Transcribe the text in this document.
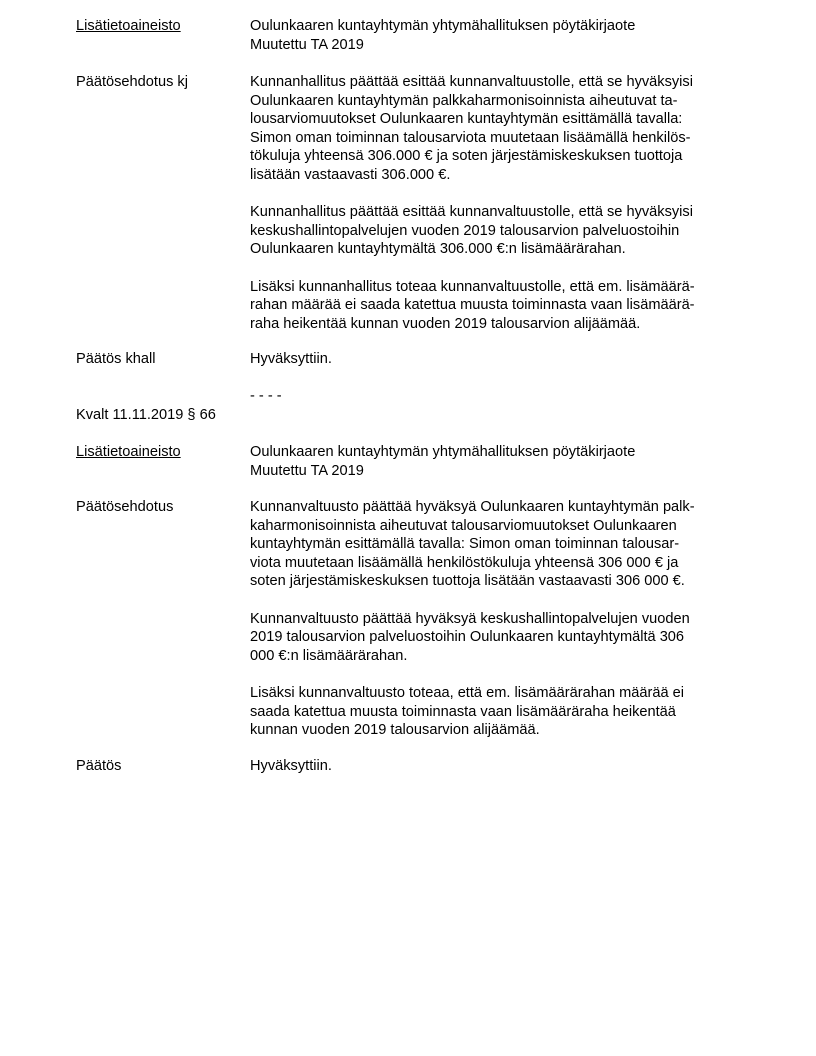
Lisätietoaineisto	Oulunkaaren kuntayhtymän yhtymähallituksen pöytäkirjaote
Muutettu TA 2019
Päätösehdotus kj	Kunnanhallitus päättää esittää kunnanvaltuustolle, että se hyväksyisi
Oulunkaaren kuntayhtymän palkkaharmonisoinnista aiheutuvat ta-
lousarviomuutokset Oulunkaaren kuntayhtymän esittämällä tavalla:
Simon oman toiminnan talousarviota muutetaan lisäämällä henkilös-
tökuluja yhteensä 306.000 € ja soten järjestämiskeskuksen tuottoja
lisätään vastaavasti 306.000 €.
Kunnanhallitus päättää esittää kunnanvaltuustolle, että se hyväksyisi
keskushallintopalvelujen vuoden 2019 talousarvion palveluostoihin
Oulunkaaren kuntayhtymältä 306.000 €:n lisämäärärahan.
Lisäksi kunnanhallitus toteaa kunnanvaltuustolle, että em. lisämäärä-
rahan määrää ei saada katettua muusta toiminnasta vaan lisämäärä-
raha heikentää kunnan vuoden 2019 talousarvion alijäämää.
Päätös khall	Hyväksyttiin.
- - - -
Kvalt 11.11.2019 § 66
Lisätietoaineisto	Oulunkaaren kuntayhtymän yhtymähallituksen pöytäkirjaote
Muutettu TA 2019
Päätösehdotus	Kunnanvaltuusto päättää hyväksyä Oulunkaaren kuntayhtymän palk-
kaharmonisoinnista aiheutuvat talousarviomuutokset Oulunkaaren
kuntayhtymän esittämällä tavalla: Simon oman toiminnan talousar-
viota muutetaan lisäämällä henkilöstökuluja yhteensä 306 000 € ja
soten järjestämiskeskuksen tuottoja lisätään vastaavasti 306 000 €.
Kunnanvaltuusto päättää hyväksyä keskushallintopalvelujen vuoden
2019 talousarvion palveluostoihin Oulunkaaren kuntayhtymältä 306
000 €:n lisämäärärahan.
Lisäksi kunnanvaltuusto toteaa, että em. lisämäärärahan määrää ei
saada katettua muusta toiminnasta vaan lisämääräraha heikentää
kunnan vuoden 2019 talousarvion alijäämää.
Päätös	Hyväksyttiin.
